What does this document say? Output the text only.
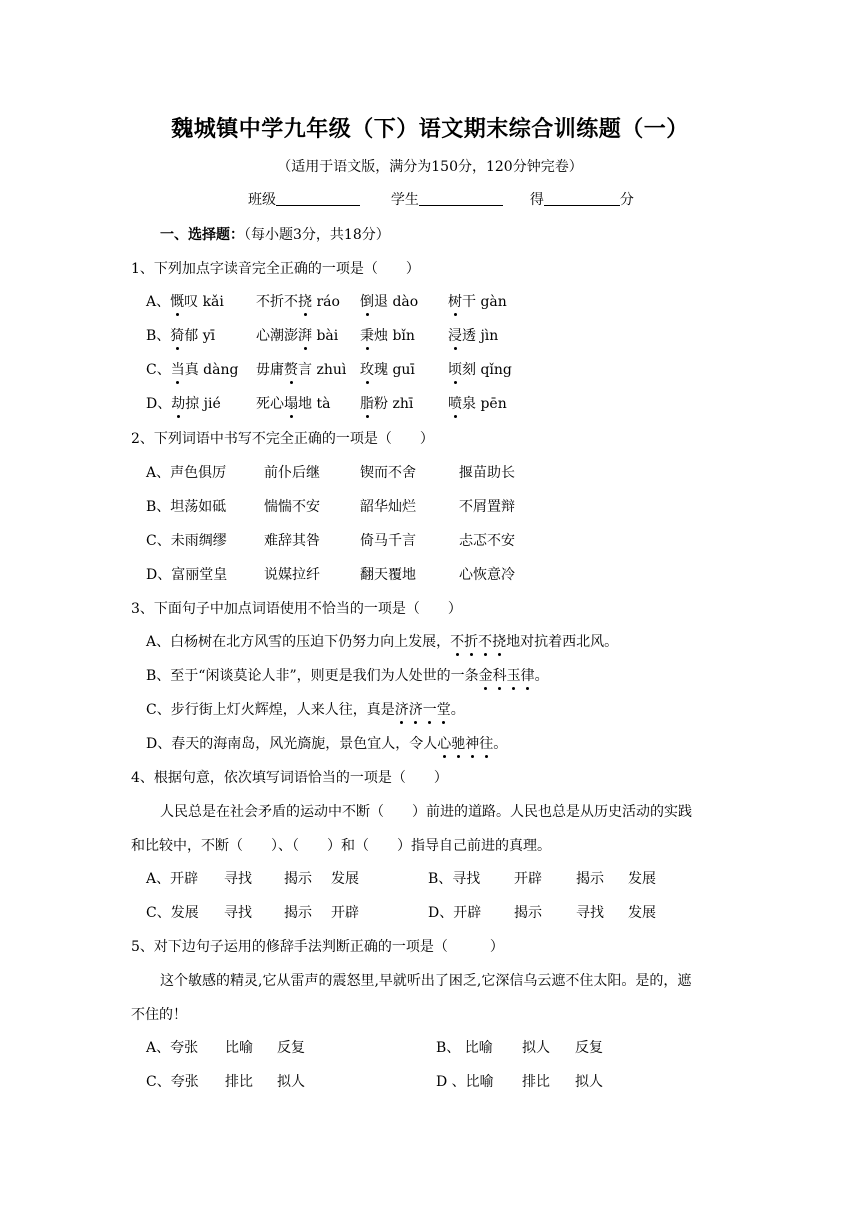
魏城镇中学九年级（下）语文期末综合训练题（一）
（适用于语文版，满分为150分，120分钟完卷）
班级	学生	得	分
一、选择题：（每小题3分，共18分）
1、下列加点字读音完全正确的一项是（　　）
A、慨叹 kǎi 不折不挠 ráo 倒退 dào 树干 gàn
B、猗郁 yī	心潮澎湃 bài 秉烛 bǐn 浸透 jìn
C、当真 dàng 毋庸赘言 zhuì 玫瑰 guī 顷刻 qǐng
D、劫掠 jié	死心塌地 tà 脂粉 zhī 喷泉 pēn
2、下列词语中书写不完全正确的一项是（　　）
A、声色俱厉	前仆后继	锲而不舍	揠苗助长
B、坦荡如砥	惴惴不安	韶华灿烂	不屑置辩
C、未雨绸缪	难辞其咎	倚马千言	忐忑不安
D、富丽堂皇	说媒拉纤	翻天覆地	心恢意冷
3、下面句子中加点词语使用不恰当的一项是（　　）
A、白杨树在北方风雪的压迫下仍努力向上发展，不折不挠地对抗着西北风。
B、至于“闲谈莫论人非”，则更是我们为人处世的一条金科玉律。
C、步行街上灯火辉煌，人来人往，真是济济一堂。
D、春天的海南岛，风光旖旎，景色宜人，令人心驰神往。
4、根据句意，依次填写词语恰当的一项是（　　）
人民总是在社会矛盾的运动中不断（　　）前进的道路。人民也总是从历史活动的实践
和比较中，不断（　　）、（　　）和（　　）指导自己前进的真理。
A、开辟 寻找 揭示 发展	B、寻找 开辟 揭示 发展
C、发展 寻找 揭示 开辟	D、开辟 揭示 寻找 发展
5、对下边句子运用的修辞手法判断正确的一项是（　　　）
这个敏感的精灵,它从雷声的震怒里,早就听出了困乏,它深信乌云遮不住太阳。是的，遮
不住的！
A、夸张 比喻 反复	B、 比喻 拟人 反复
C、夸张 排比 拟人	D 、比喻 排比 拟人
